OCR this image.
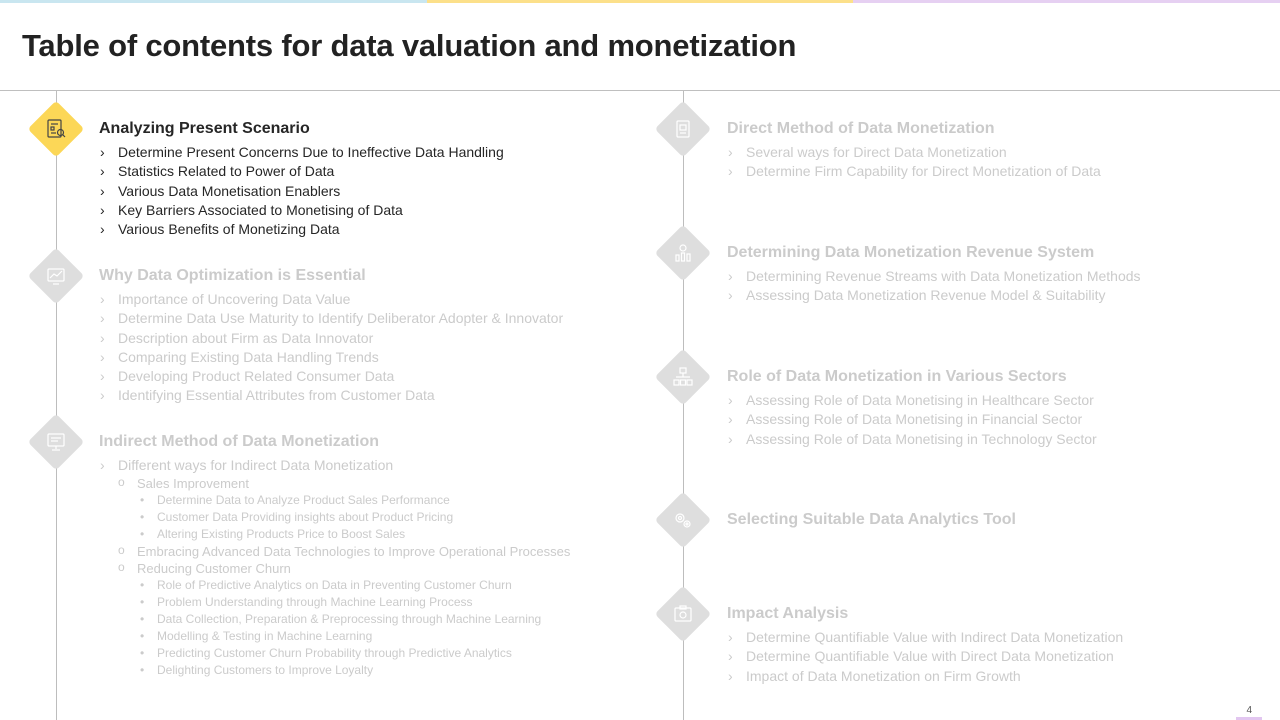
Table of contents for data valuation and monetization
Analyzing Present Scenario
› Determine Present Concerns Due to Ineffective Data Handling
› Statistics Related to Power of Data
› Various Data Monetisation Enablers
› Key Barriers Associated to Monetising of Data
› Various Benefits of Monetizing Data
Why Data Optimization is Essential
› Importance of Uncovering Data Value
› Determine Data Use Maturity to Identify Deliberator Adopter & Innovator
› Description about Firm as Data Innovator
› Comparing Existing Data Handling Trends
› Developing Product Related Consumer Data
› Identifying Essential Attributes from Customer Data
Indirect Method of Data Monetization
› Different ways for Indirect Data Monetization
o Sales Improvement
• Determine Data to Analyze Product Sales Performance
• Customer Data Providing insights about Product Pricing
• Altering Existing Products Price to Boost Sales
o Embracing Advanced Data Technologies to Improve Operational Processes
o Reducing Customer Churn
• Role of Predictive Analytics on Data in Preventing Customer Churn
• Problem Understanding through Machine Learning Process
• Data Collection, Preparation & Preprocessing through Machine Learning
• Modelling & Testing in Machine Learning
• Predicting Customer Churn Probability through Predictive Analytics
• Delighting Customers to Improve Loyalty
Direct Method of Data Monetization
› Several ways for Direct Data Monetization
› Determine Firm Capability for Direct Monetization of Data
Determining Data Monetization Revenue System
› Determining Revenue Streams with Data Monetization Methods
› Assessing Data Monetization Revenue Model & Suitability
Role of Data Monetization in Various Sectors
› Assessing Role of Data Monetising in Healthcare Sector
› Assessing Role of Data Monetising in Financial Sector
› Assessing Role of Data Monetising in Technology Sector
Selecting Suitable Data Analytics Tool
Impact Analysis
› Determine Quantifiable Value with Indirect Data Monetization
› Determine Quantifiable Value with Direct Data Monetization
› Impact of Data Monetization on Firm Growth
4
